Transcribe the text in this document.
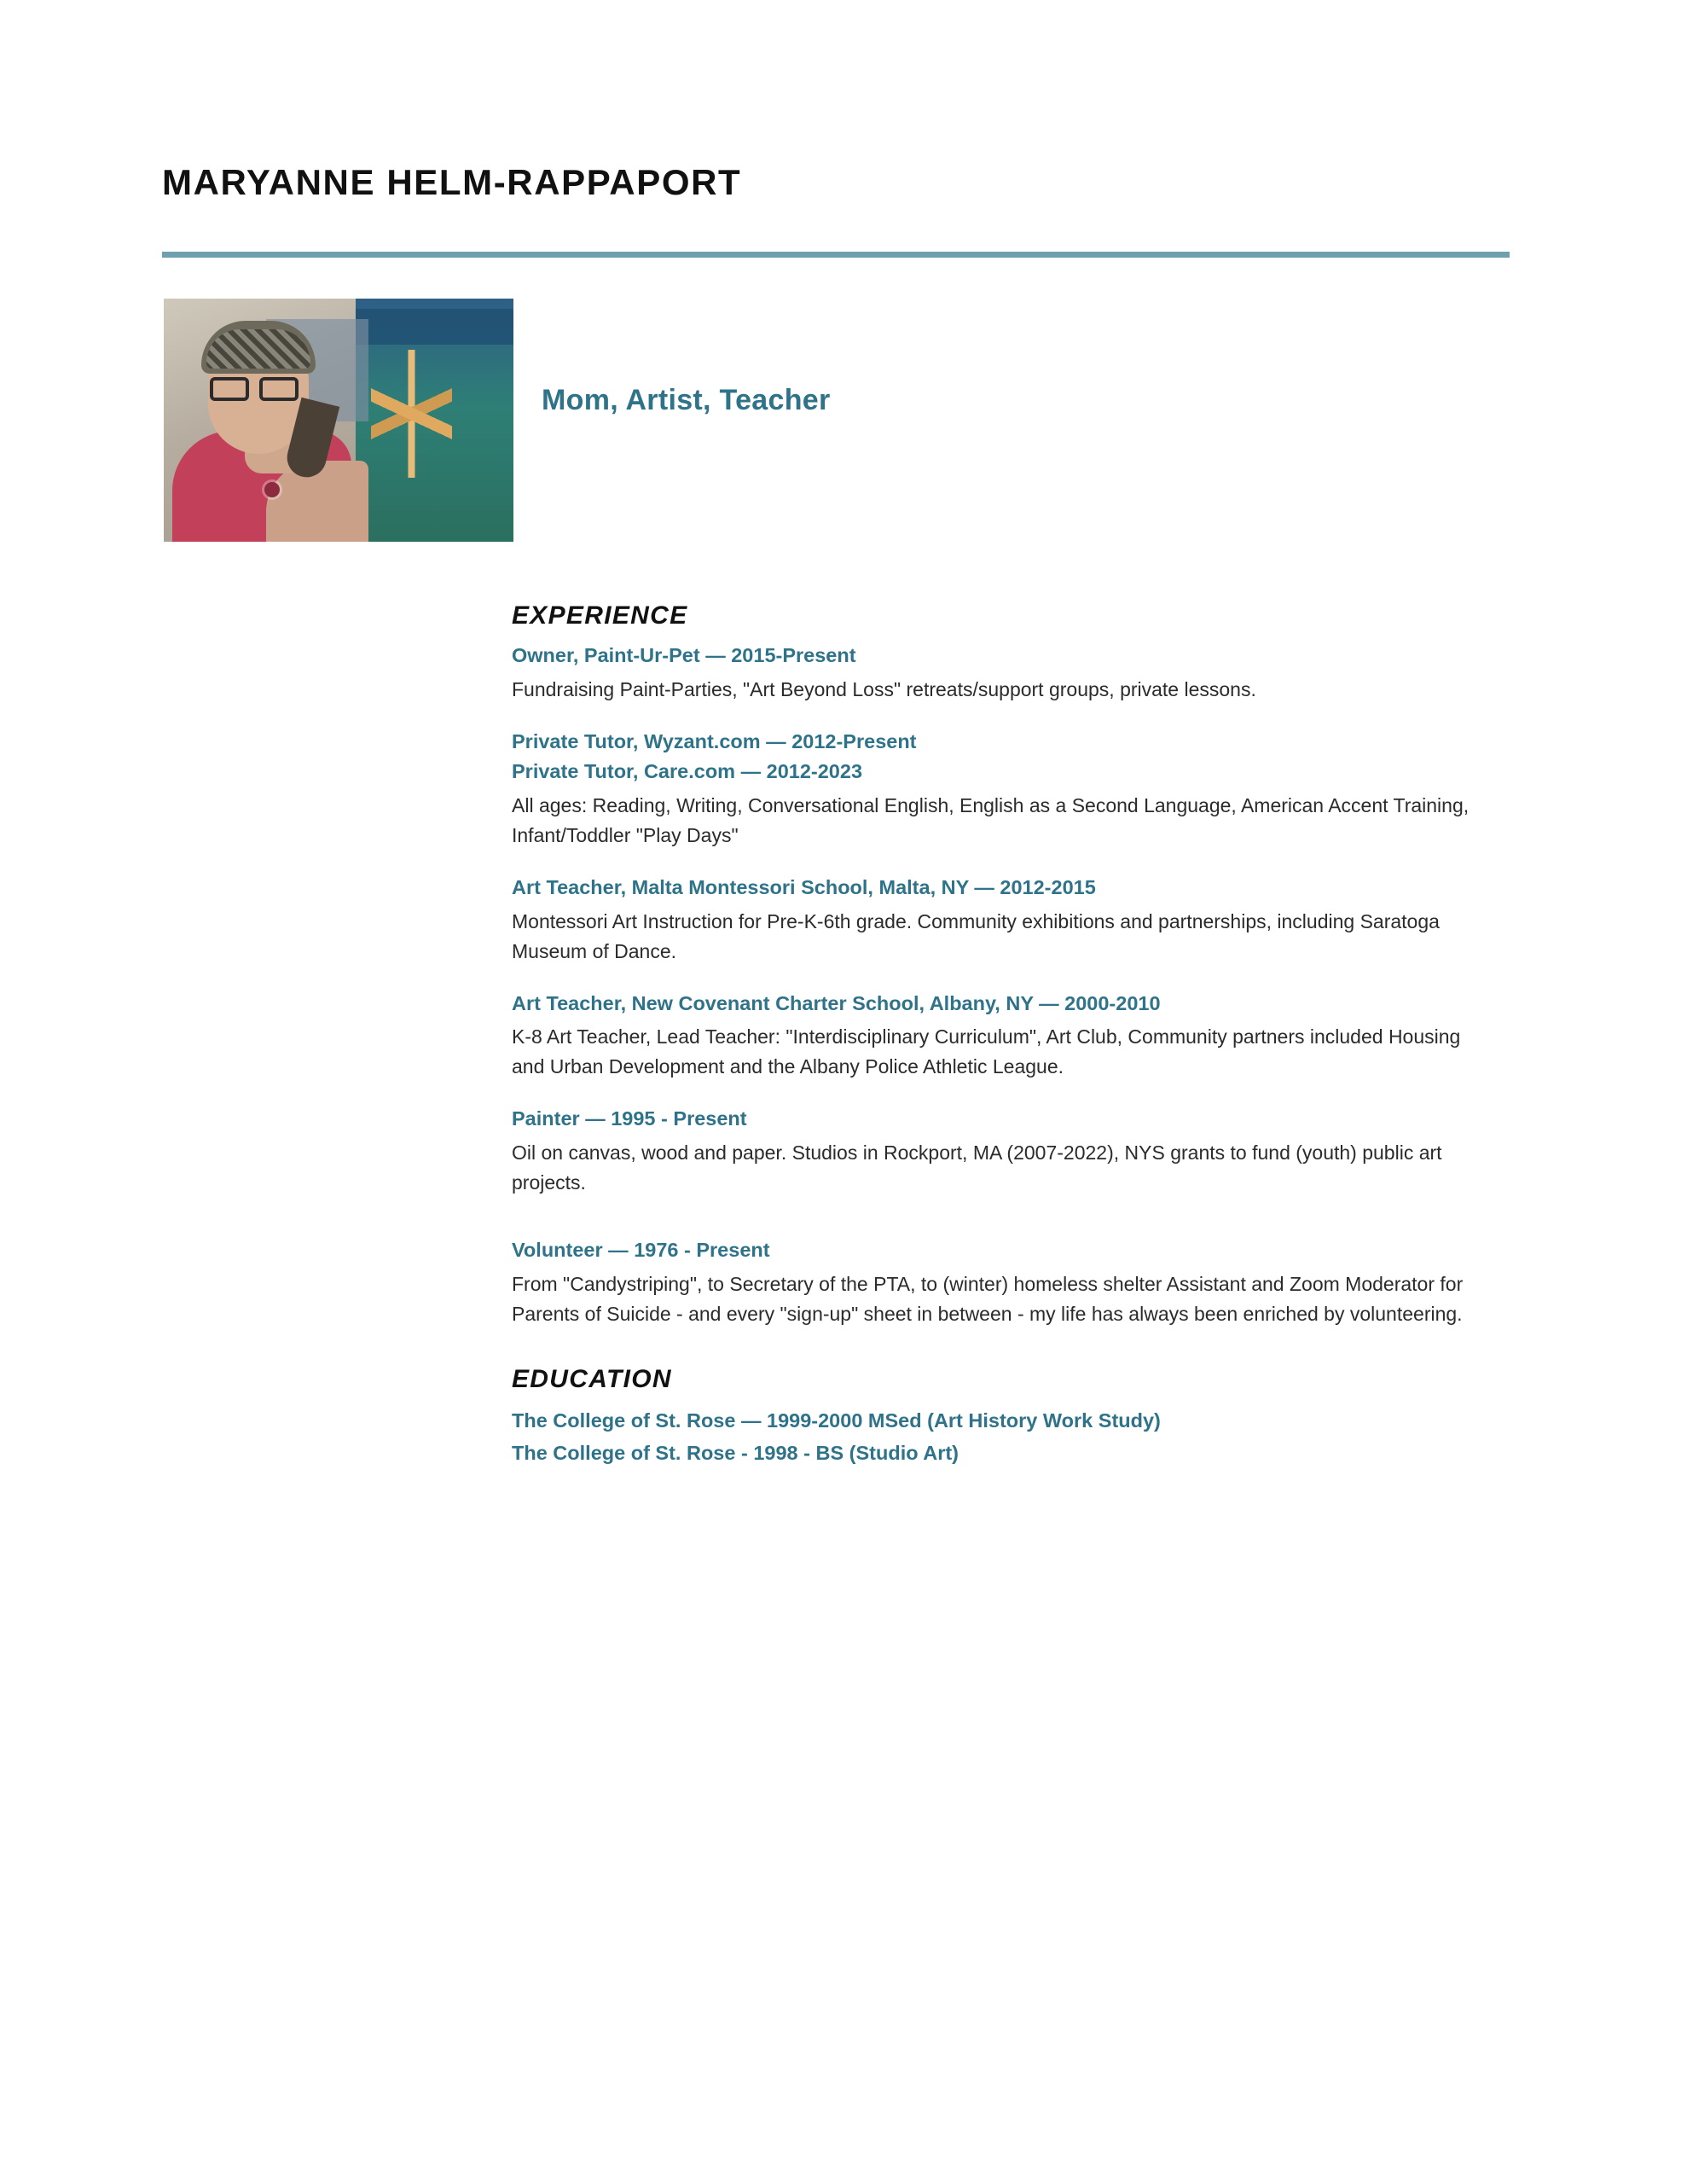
MARYANNE HELM-RAPPAPORT
Mom, Artist, Teacher
EXPERIENCE

Owner, Paint-Ur-Pet — 2015-Present

Fundraising Paint-Parties, "Art Beyond Loss" retreats/support groups, private lessons.

Private Tutor, Wyzant.com — 2012-Present

Private Tutor, Care.com — 2012-2023

All ages: Reading, Writing, Conversational English, English as a Second Language, American Accent Training, Infant/Toddler "Play Days"

Art Teacher, Malta Montessori School, Malta, NY — 2012-2015

Montessori Art Instruction for Pre-K-6th grade. Community exhibitions and partnerships, including Saratoga Museum of Dance.

Art Teacher, New Covenant Charter School, Albany, NY — 2000-2010

K-8 Art Teacher, Lead Teacher: "Interdisciplinary Curriculum", Art Club, Community partners included Housing and Urban Development and the Albany Police Athletic League.

Painter — 1995 - Present

Oil on canvas, wood and paper. Studios in Rockport, MA (2007-2022), NYS grants to fund (youth) public art projects.

Volunteer — 1976 - Present

From "Candystriping", to Secretary of the PTA, to (winter) homeless shelter Assistant and Zoom Moderator for Parents of Suicide - and every "sign-up" sheet in between - my life has always been enriched by volunteering.

EDUCATION

The College of St. Rose — 1999-2000 MSed (Art History Work Study)

The College of St. Rose - 1998 - BS (Studio Art)
